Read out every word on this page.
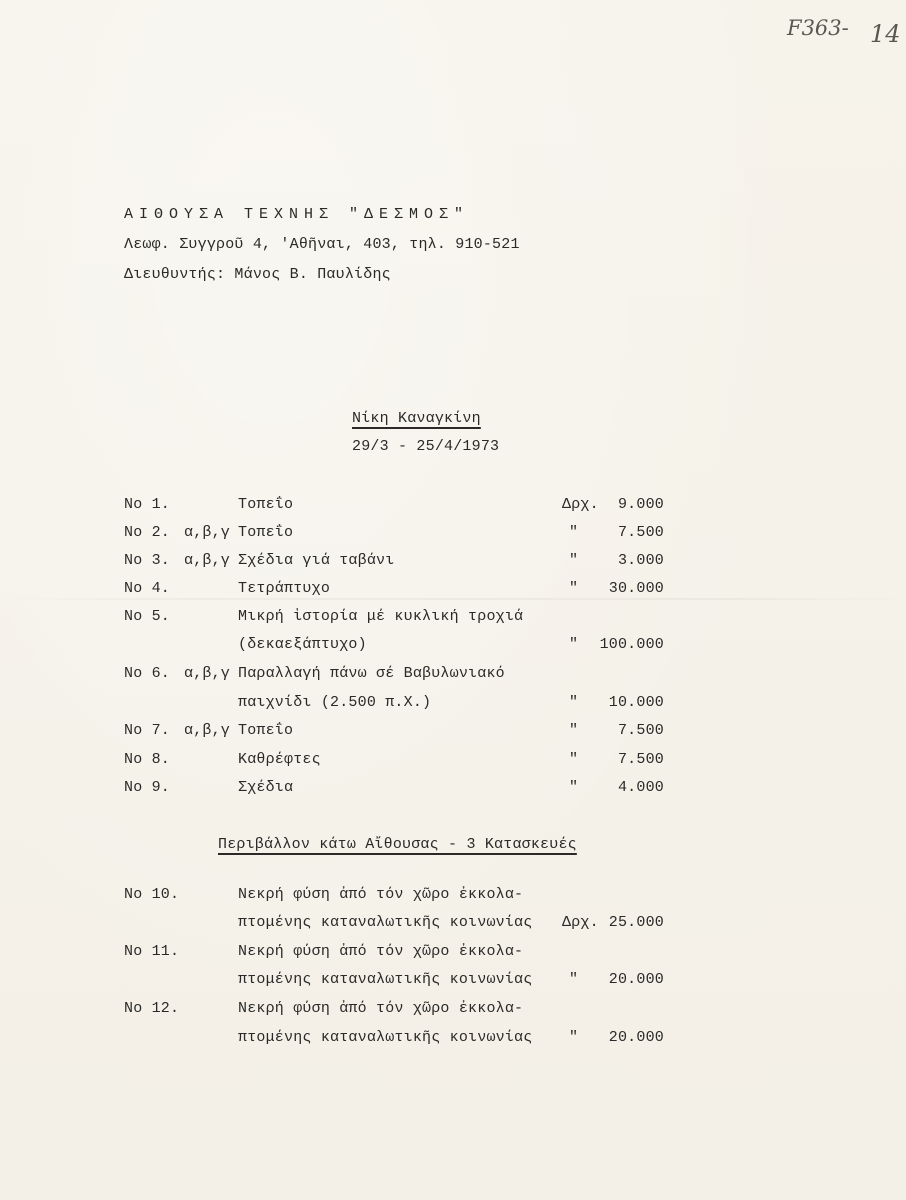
F363- 14
ΑΙΘΟΥΣΑ ΤΕΧΝΗΣ "ΔΕΣΜΟΣ"
Λεωφ. Συγγροῦ 4, 'Αθῆναι, 403, τηλ. 910-521
Διευθυντής: Μάνος Β. Παυλίδης
Νίκη Καναγκίνη
29/3 - 25/4/1973
No 1.	Τοπεΐο	Δρχ.	9.000
No 2. α,β,γ Τοπεΐο	"	7.500
No 3. α,β,γ Σχέδια γιά ταβάνι	"	3.000
No 4.	Τετράπτυχο	"	30.000
No 5.	Μικρή ἱστορία μέ κυκλική τροχιά
(δεκαεξάπτυχο)	"	100.000
No 6. α,β,γ Παραλλαγή πάνω σέ Βαβυλωνιακό
παιχνίδι (2.500 π.Χ.)	"	10.000
No 7. α,β,γ Τοπεΐο	"	7.500
No 8.	Καθρέφτες	"	7.500
No 9.	Σχέδια	"	4.000
Περιβάλλον κάτω Αἴθουσας - 3 Κατασκευές
No 10.	Νεκρή φύση ἀπό τόν χῶρο ἐκκολα-
πτομένης καταναλωτικῆς κοινωνίας Δρχ. 25.000
No 11.	Νεκρή φύση ἀπό τόν χῶρο ἐκκολα-
πτομένης καταναλωτικῆς κοινωνίας "	20.000
No 12.	Νεκρή φύση ἀπό τόν χῶρο ἐκκολα-
πτομένης καταναλωτικῆς κοινωνίας "	20.000
